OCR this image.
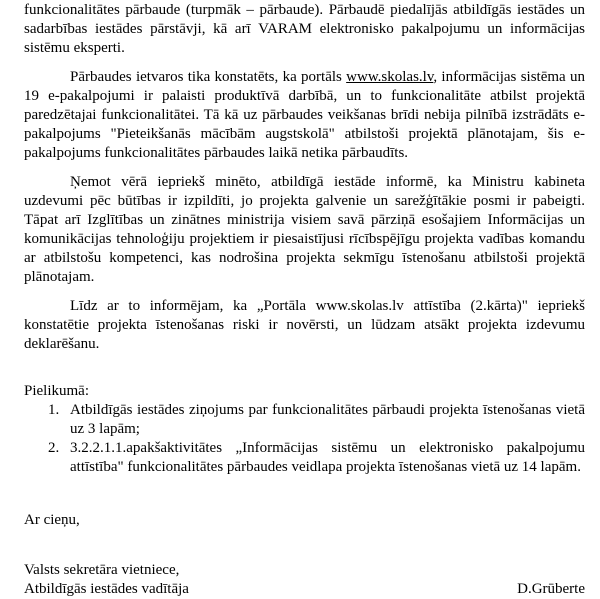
funkcionalitātes pārbaude (turpmāk – pārbaude). Pārbaudē piedalījās atbildīgās iestādes un sadarbības iestādes pārstāvji, kā arī VARAM elektronisko pakalpojumu un informācijas sistēmu eksperti.

Pārbaudes ietvaros tika konstatēts, ka portāls www.skolas.lv, informācijas sistēma un 19 e-pakalpojumi ir palaisti produktīvā darbībā, un to funkcionalitāte atbilst projektā paredzētajai funkcionalitātei. Tā kā uz pārbaudes veikšanas brīdi nebija pilnībā izstrādāts e-pakalpojums "Pieteikšanās mācībām augstskolā" atbilstoši projektā plānotajam, šis e-pakalpojums funkcionalitātes pārbaudes laikā netika pārbaudīts.

Ņemot vērā iepriekš minēto, atbildīgā iestāde informē, ka Ministru kabineta uzdevumi pēc būtības ir izpildīti, jo projekta galvenie un sarežģītākie posmi ir pabeigti. Tāpat arī Izglītības un zinātnes ministrija visiem savā pārziņā esošajiem Informācijas un komunikācijas tehnoloģiju projektiem ir piesaistījusi rīcībspējīgu projekta vadības komandu ar atbilstošu kompetenci, kas nodrošina projekta sekmīgu īstenošanu atbilstoši projektā plānotajam.

Līdz ar to informējam, ka „Portāla www.skolas.lv attīstība (2.kārta)" iepriekš konstatētie projekta īstenošanas riski ir novērsti, un lūdzam atsākt projekta izdevumu deklarēšanu.

Pielikumā:

1. Atbildīgās iestādes ziņojums par funkcionalitātes pārbaudi projekta īstenošanas vietā uz 3 lapām;
2. 3.2.2.1.1.apakšaktivitātes „Informācijas sistēmu un elektronisko pakalpojumu attīstība" funkcionalitātes pārbaudes veidlapa projekta īstenošanas vietā uz 14 lapām.

Ar cieņu,

Valsts sekretāra vietniece,
Atbildīgās iestādes vadītāja	D.Grūberte
